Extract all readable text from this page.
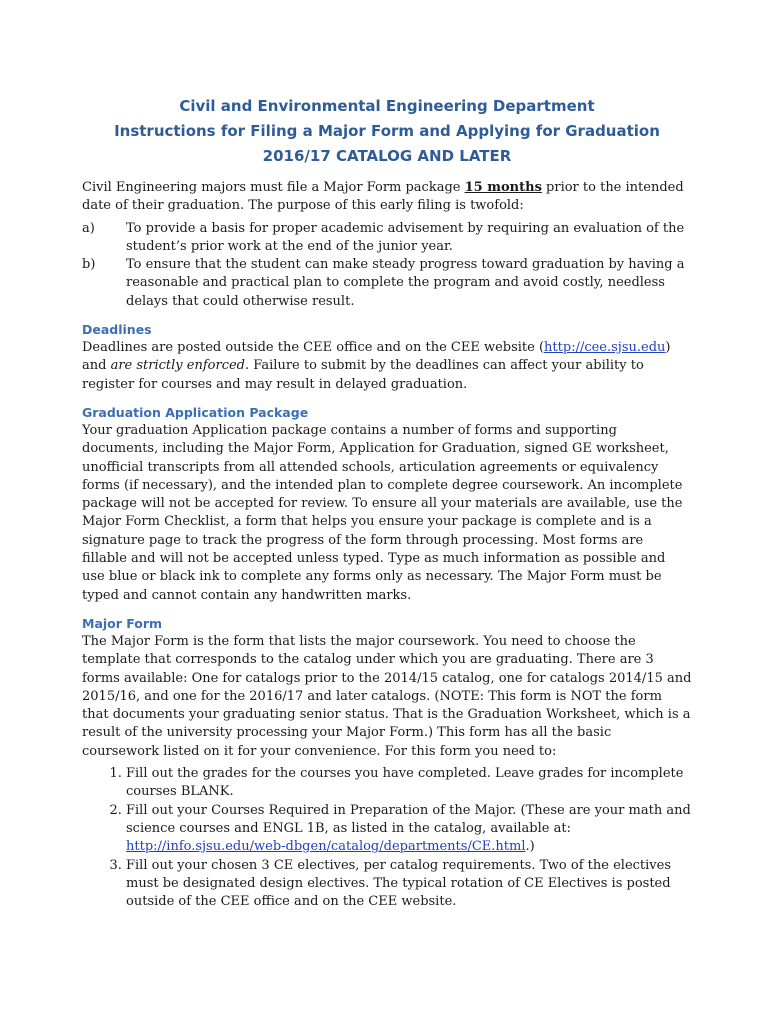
Civil and Environmental Engineering Department

Instructions for Filing a Major Form and Applying for Graduation

2016/17 CATALOG AND LATER

Civil Engineering majors must file a Major Form package 15 months prior to the intended date of their graduation. The purpose of this early filing is twofold:

a)	To provide a basis for proper academic advisement by requiring an evaluation of the student’s prior work at the end of the junior year.
b)	To ensure that the student can make steady progress toward graduation by having a reasonable and practical plan to complete the program and avoid costly, needless delays that could otherwise result.
Deadlines

Deadlines are posted outside the CEE office and on the CEE website (http://cee.sjsu.edu) and are strictly enforced. Failure to submit by the deadlines can affect your ability to register for courses and may result in delayed graduation.

Graduation Application Package

Your graduation Application package contains a number of forms and supporting documents, including the Major Form, Application for Graduation, signed GE worksheet, unofficial transcripts from all attended schools, articulation agreements or equivalency forms (if necessary), and the intended plan to complete degree coursework. An incomplete package will not be accepted for review. To ensure all your materials are available, use the Major Form Checklist, a form that helps you ensure your package is complete and is a signature page to track the progress of the form through processing. Most forms are fillable and will not be accepted unless typed. Type as much information as possible and use blue or black ink to complete any forms only as necessary. The Major Form must be typed and cannot contain any handwritten marks.

Major Form

The Major Form is the form that lists the major coursework. You need to choose the template that corresponds to the catalog under which you are graduating. There are 3 forms available: One for catalogs prior to the 2014/15 catalog, one for catalogs 2014/15 and 2015/16, and one for the 2016/17 and later catalogs. (NOTE: This form is NOT the form that documents your graduating senior status. That is the Graduation Worksheet, which is a result of the university processing your Major Form.) This form has all the basic coursework listed on it for your convenience. For this form you need to:

1. Fill out the grades for the courses you have completed. Leave grades for incomplete courses BLANK.
2. Fill out your Courses Required in Preparation of the Major. (These are your math and science courses and ENGL 1B, as listed in the catalog, available at: http://info.sjsu.edu/web-dbgen/catalog/departments/CE.html.)
3. Fill out your chosen 3 CE electives, per catalog requirements. Two of the electives must be designated design electives. The typical rotation of CE Electives is posted outside of the CEE office and on the CEE website.
